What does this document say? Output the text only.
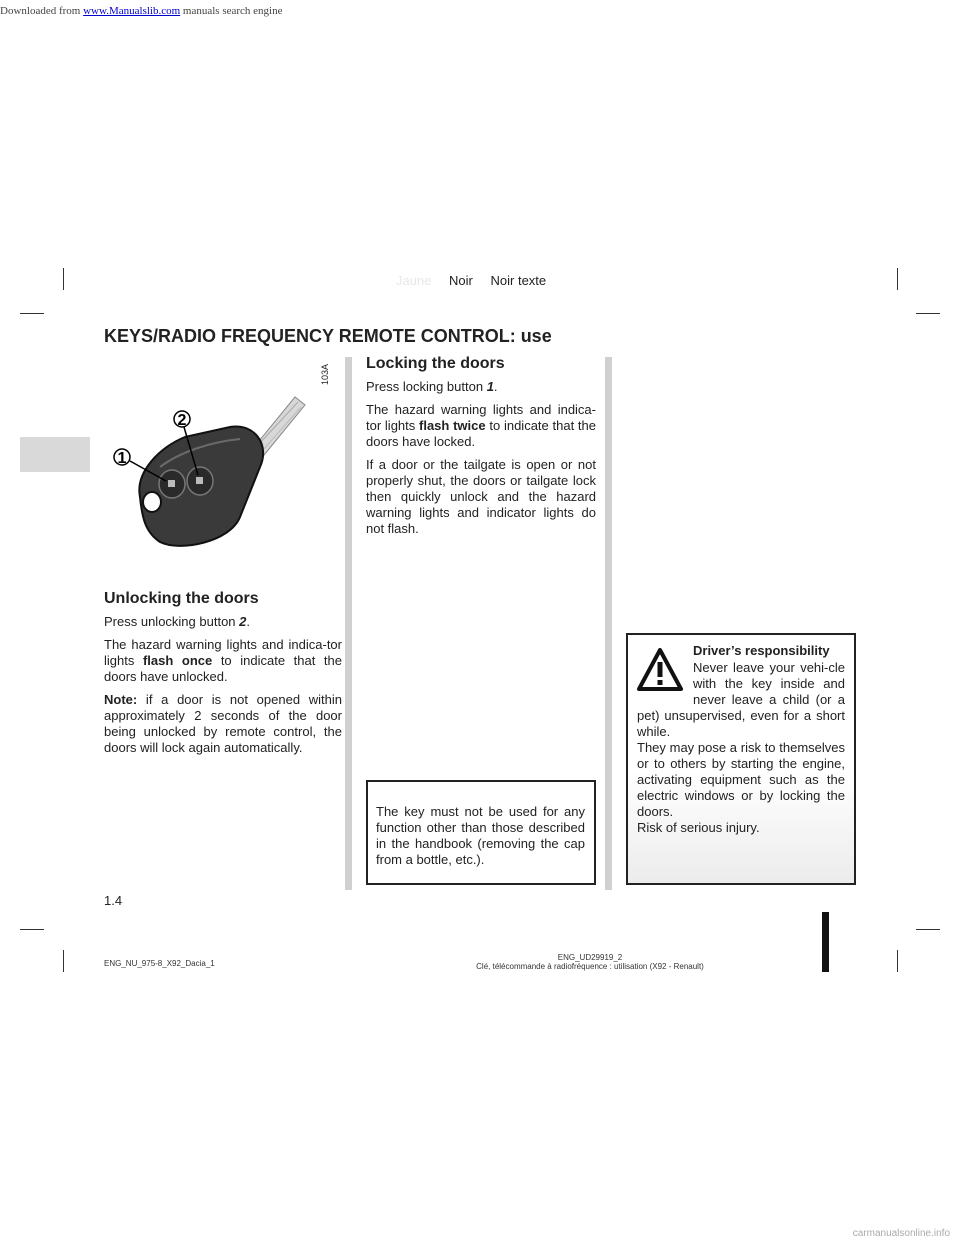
Downloaded from www.Manualslib.com manuals search engine
Jaune Noir Noir texte
KEYS/RADIO FREQUENCY REMOTE CONTROL: use
1
2
103A
Unlocking the doors

Press unlocking button 2.

The hazard warning lights and indica-tor lights flash once to indicate that the doors have unlocked.

Note: if a door is not opened within approximately 2 seconds of the door being unlocked by remote control, the doors will lock again automatically.

Locking the doors

Press locking button 1.

The hazard warning lights and indica-tor lights flash twice to indicate that the doors have locked.

If a door or the tailgate is open or not properly shut, the doors or tailgate lock then quickly unlock and the hazard warning lights and indicator lights do not flash.

The key must not be used for any function other than those described in the handbook (removing the cap from a bottle, etc.).

Driver’s responsibility

Never leave your vehi-cle with the key inside and never leave a child (or a pet) unsupervised, even for a short while.

They may pose a risk to themselves or to others by starting the engine, activating equipment such as the electric windows or by locking the doors.

Risk of serious injury.

1.4
ENG_NU_975-8_X92_Dacia_1
ENG_UD29919_2
Clé, télécommande à radiofréquence : utilisation (X92 - Renault)
carmanualsonline.info
